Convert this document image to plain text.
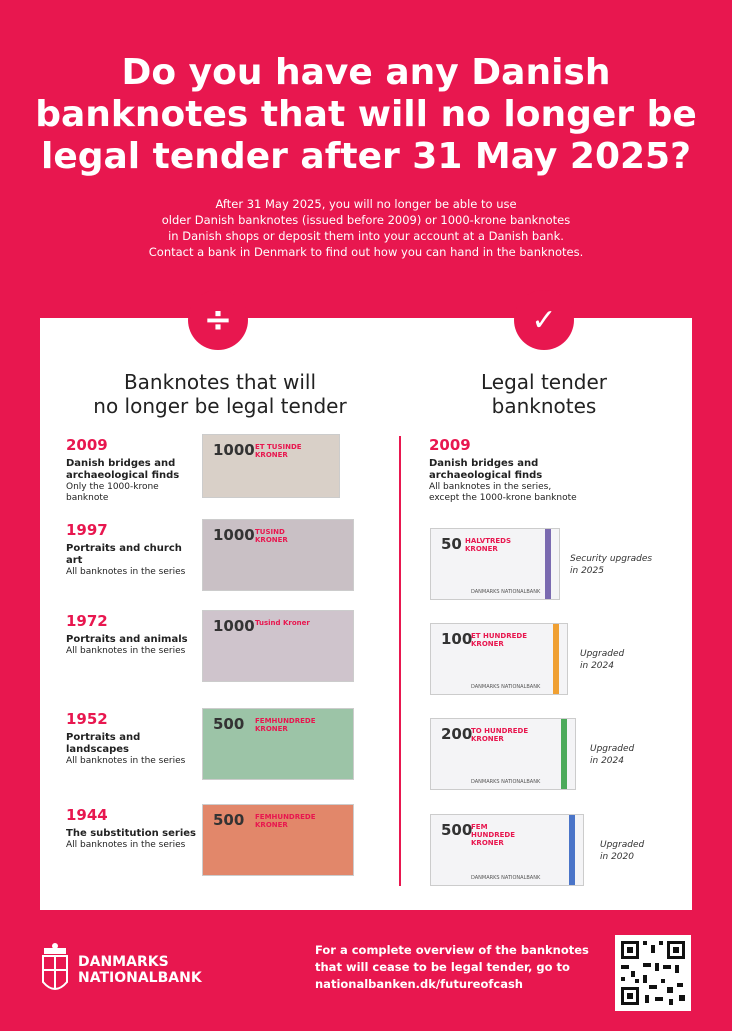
Do you have any Danish banknotes that will no longer be legal tender after 31 May 2025?
After 31 May 2025, you will no longer be able to use
older Danish banknotes (issued before 2009) or 1000-krone banknotes
in Danish shops or deposit them into your account at a Danish bank.
Contact a bank in Denmark to find out how you can hand in the banknotes.
÷	✓
Banknotes that will
no longer be legal tender
Legal tender
banknotes
2009
Danish bridges and archaeological finds
Only the 1000-krone banknote
1000 ET TUSINDE KRONER
1997
Portraits and church art
All banknotes in the series
1000 TUSIND KRONER
1972
Portraits and animals
All banknotes in the series
1000 Tusind Kroner
1952
Portraits and landscapes
All banknotes in the series
500 FEMHUNDREDE KRONER
1944
The substitution series
All banknotes in the series
500 FEMHUNDREDE KRONER
2009
Danish bridges and archaeological finds
All banknotes in the series,
except the 1000-krone banknote
50 HALVTREDS KRONER
DANMARKS NATIONALBANK
Security upgrades
in 2025
100
ET HUNDREDE KRONER
DANMARKS NATIONALBANK
Upgraded
in 2024
200
TO HUNDREDE KRONER
DANMARKS NATIONALBANK
Upgraded
in 2024
500
FEM HUNDREDE KRONER
DANMARKS NATIONALBANK
Upgraded
in 2020
DANMARKS
NATIONALBANK
For a complete overview of the banknotes
that will cease to be legal tender, go to
nationalbanken.dk/futureofcash
